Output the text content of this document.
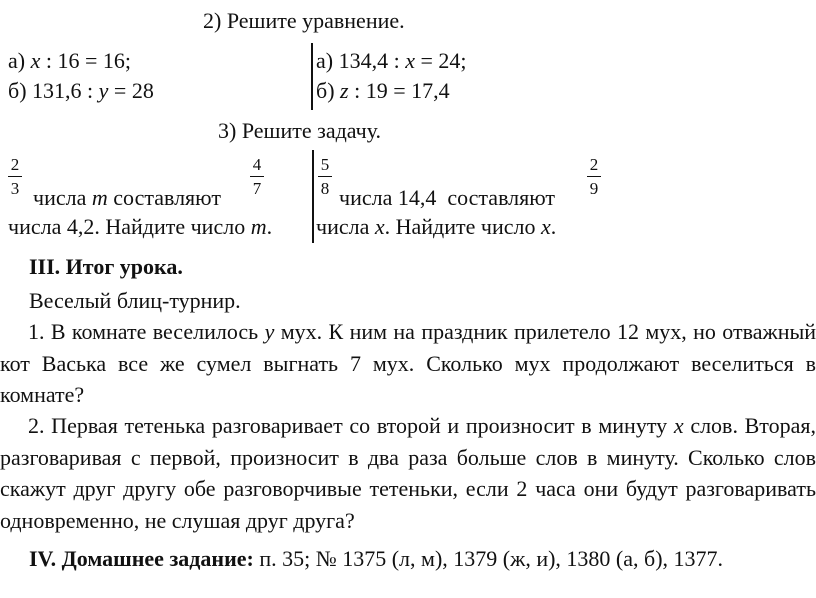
2) Решите уравнение.
а) x : 16 = 16;
б) 131,6 : y = 28
а) 134,4 : x = 24;
б) z : 19 = 17,4
3) Решите задачу.
2
3 числа m составляют
4
7
числа 4,2. Найдите число m.
5
8 числа 14,4  составляют
2
9
числа x. Найдите число x.
III. Итог урока.
Веселый блиц-турнир.
1. В комнате веселилось y мух. К ним на праздник прилетело 12 мух, но отважный кот Васька все же сумел выгнать 7 мух. Сколько мух продолжают веселиться в комнате?
2. Первая тетенька разговаривает со второй и произносит в минуту x слов. Вторая, разговаривая с первой, произносит в два раза больше слов в минуту. Сколько слов скажут друг другу обе разговорчивые тетеньки, если 2 часа они будут разговаривать одновременно, не слушая друг друга?
IV. Домашнее задание: п. 35; № 1375 (л, м), 1379 (ж, и), 1380 (а, б), 1377.
